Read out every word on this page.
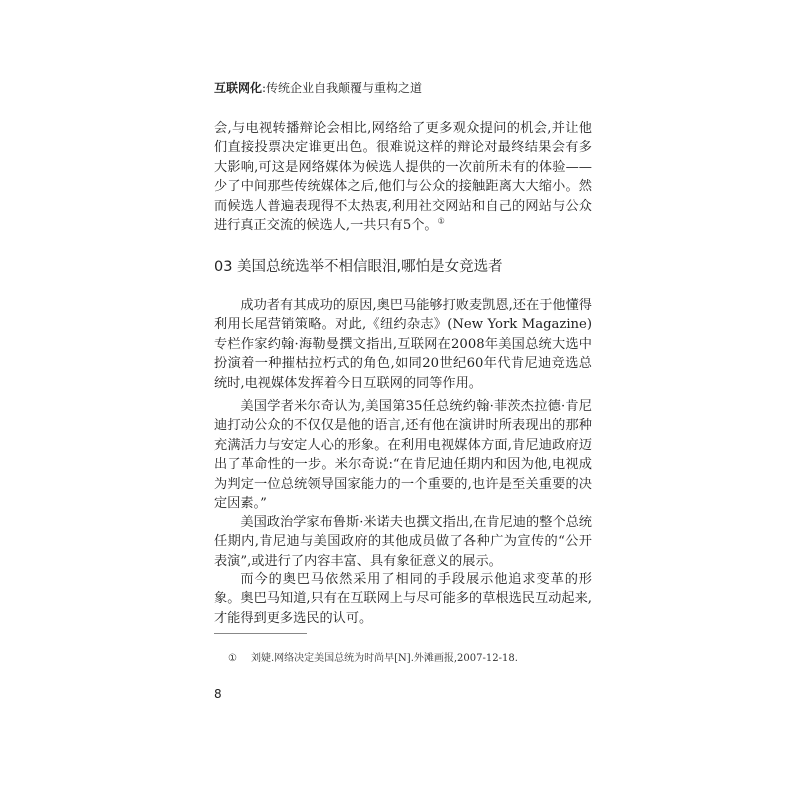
互联网化:传统企业自我颠覆与重构之道

会,与电视转播辩论会相比,网络给了更多观众提问的机会,并让他们直接投票决定谁更出色。很难说这样的辩论对最终结果会有多大影响,可这是网络媒体为候选人提供的一次前所未有的体验——少了中间那些传统媒体之后,他们与公众的接触距离大大缩小。然而候选人普遍表现得不太热衷,利用社交网站和自己的网站与公众进行真正交流的候选人,一共只有5个。①

03 美国总统选举不相信眼泪,哪怕是女竞选者

成功者有其成功的原因,奥巴马能够打败麦凯恩,还在于他懂得利用长尾营销策略。对此,《纽约杂志》(New York Magazine)专栏作家约翰·海勒曼撰文指出,互联网在2008年美国总统大选中扮演着一种摧枯拉朽式的角色,如同20世纪60年代肯尼迪竞选总统时,电视媒体发挥着今日互联网的同等作用。

美国学者米尔奇认为,美国第35任总统约翰·菲茨杰拉德·肯尼迪打动公众的不仅仅是他的语言,还有他在演讲时所表现出的那种充满活力与安定人心的形象。在利用电视媒体方面,肯尼迪政府迈出了革命性的一步。米尔奇说:“在肯尼迪任期内和因为他,电视成为判定一位总统领导国家能力的一个重要的,也许是至关重要的决定因素。”

美国政治学家布鲁斯·米诺夫也撰文指出,在肯尼迪的整个总统任期内,肯尼迪与美国政府的其他成员做了各种广为宣传的“公开表演”,或进行了内容丰富、具有象征意义的展示。

而今的奥巴马依然采用了相同的手段展示他追求变革的形象。奥巴马知道,只有在互联网上与尽可能多的草根选民互动起来,才能得到更多选民的认可。

① 刘婕.网络决定美国总统为时尚早[N].外滩画报,2007-12-18.
8
